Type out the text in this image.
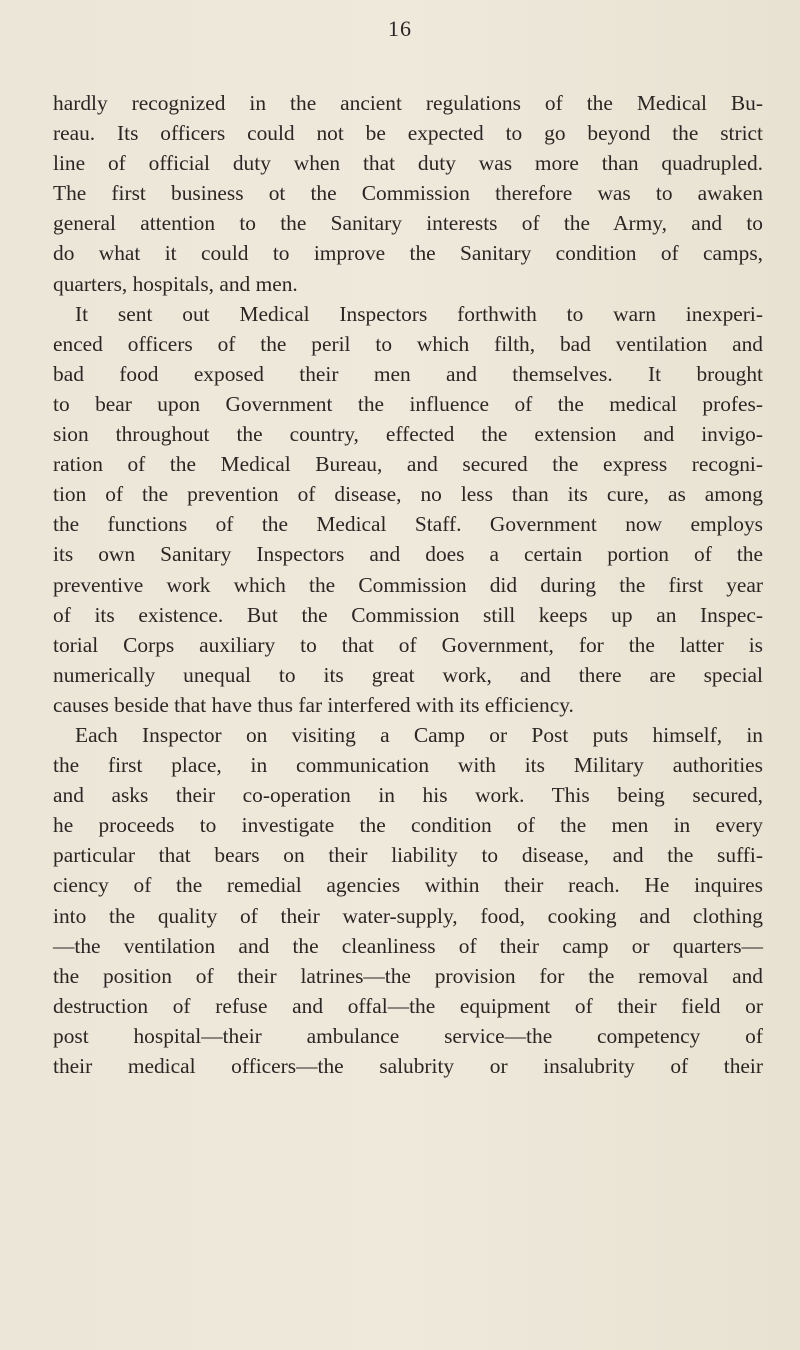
16
hardly recognized in the ancient regulations of the Medical Bu-
reau. Its officers could not be expected to go beyond the strict
line of official duty when that duty was more than quadrupled.
The first business ot the Commission therefore was to awaken
general attention to the Sanitary interests of the Army, and to
do what it could to improve the Sanitary condition of camps,
quarters, hospitals, and men.
It sent out Medical Inspectors forthwith to warn inexperi-
enced officers of the peril to which filth, bad ventilation and
bad food exposed their men and themselves. It brought
to bear upon Government the influence of the medical profes-
sion throughout the country, effected the extension and invigo-
ration of the Medical Bureau, and secured the express recogni-
tion of the prevention of disease, no less than its cure, as among
the functions of the Medical Staff. Government now employs
its own Sanitary Inspectors and does a certain portion of the
preventive work which the Commission did during the first year
of its existence. But the Commission still keeps up an Inspec-
torial Corps auxiliary to that of Government, for the latter is
numerically unequal to its great work, and there are special
causes beside that have thus far interfered with its efficiency.
Each Inspector on visiting a Camp or Post puts himself, in
the first place, in communication with its Military authorities
and asks their co-operation in his work. This being secured,
he proceeds to investigate the condition of the men in every
particular that bears on their liability to disease, and the suffi-
ciency of the remedial agencies within their reach. He inquires
into the quality of their water-supply, food, cooking and clothing
—the ventilation and the cleanliness of their camp or quarters—
the position of their latrines—the provision for the removal and
destruction of refuse and offal—the equipment of their field or
post hospital—their ambulance service—the competency of
their medical officers—the salubrity or insalubrity of their
